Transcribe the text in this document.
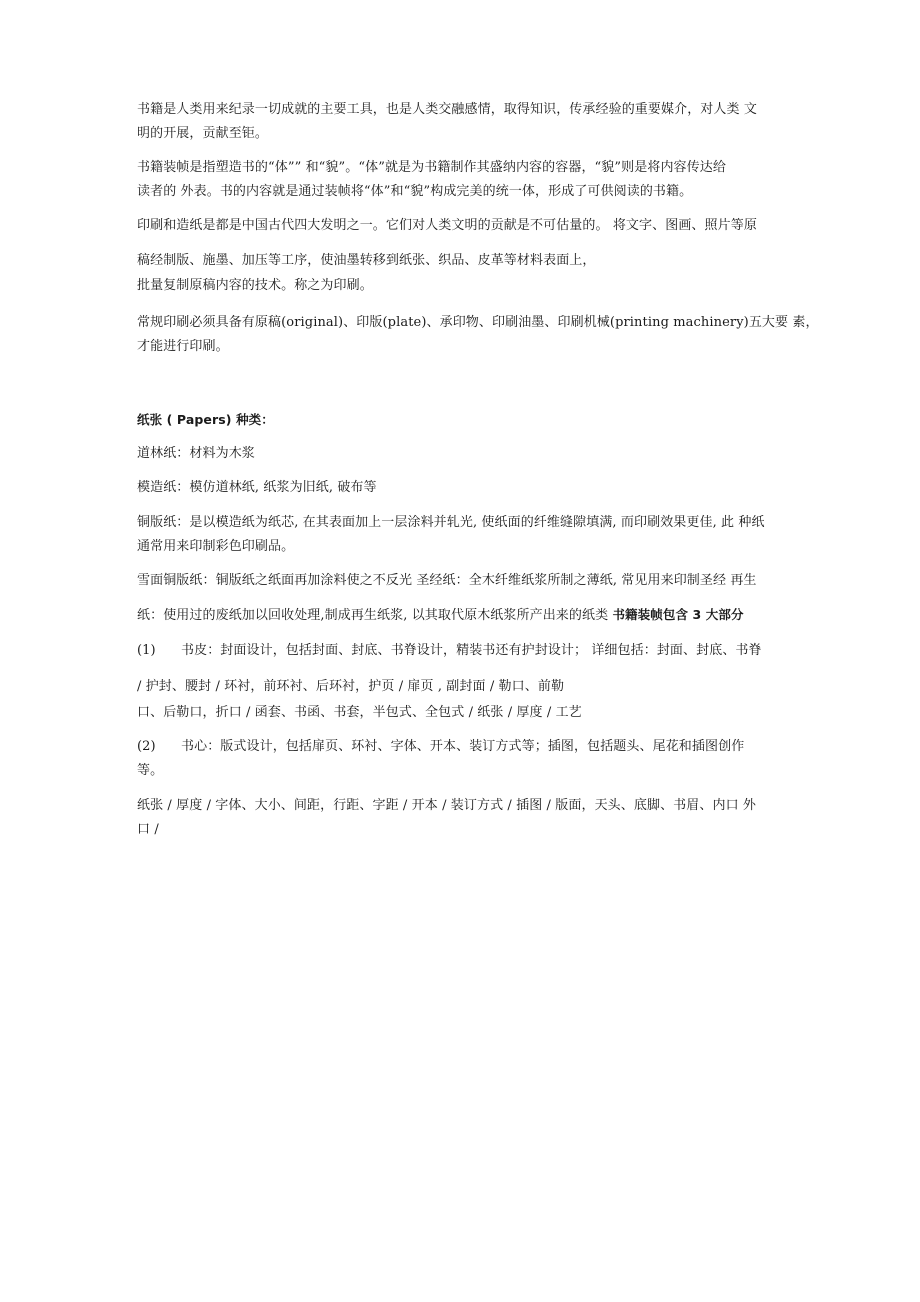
书籍是人类用来纪录一切成就的主要工具，也是人类交融感情，取得知识，传承经验的重要媒介，对人类 文
明的开展，贡献至钜。
书籍装帧是指塑造书的“体”” 和“貌”。“体”就是为书籍制作其盛纳内容的容器，“貌”则是将内容传达给
读者的 外表。书的内容就是通过装帧将“体”和“貌”构成完美的统一体，形成了可供阅读的书籍。
印刷和造纸是都是中国古代四大发明之一。它们对人类文明的贡献是不可估量的。 将文字、图画、照片等原
稿经制版、施墨、加压等工序，使油墨转移到纸张、织品、皮革等材料表面上，
批量复制原稿内容的技术。称之为印刷。
常规印刷必须具备有原稿(original)、印版(plate)、承印物、印刷油墨、印刷机械(printing machinery)五大要 素，
才能进行印刷。
纸张 ( Papers) 种类：
道林纸：材料为木浆
模造纸：模仿道林纸, 纸浆为旧纸, 破布等
铜版纸：是以模造纸为纸芯, 在其表面加上一层涂料并轧光, 使纸面的纤维缝隙填满, 而印刷效果更佳, 此 种纸
通常用来印制彩色印刷品。
雪面铜版纸：铜版纸之纸面再加涂料使之不反光 圣经纸：全木纤维纸浆所制之薄纸, 常见用来印制圣经 再生
纸：使用过的废纸加以回收处理,制成再生纸浆, 以其取代原木纸浆所产出来的纸类 书籍装帧包含 3 大部分
(1) 书皮：封面设计，包括封面、封底、书脊设计，精装书还有护封设计； 详细包括：封面、封底、书脊
/ 护封、腰封 / 环衬，前环衬、后环衬，护页 / 扉页 , 副封面 / 勒口、前勒
口、后勒口，折口 / 函套、书函、书套，半包式、全包式 / 纸张 / 厚度 / 工艺
(2) 书心：版式设计，包括扉页、环衬、字体、开本、装订方式等；插图，包括题头、尾花和插图创作
等。
纸张 / 厚度 / 字体、大小、间距，行距、字距 / 开本 / 装订方式 / 插图 / 版面，天头、底脚、书眉、内口 外
口 /
